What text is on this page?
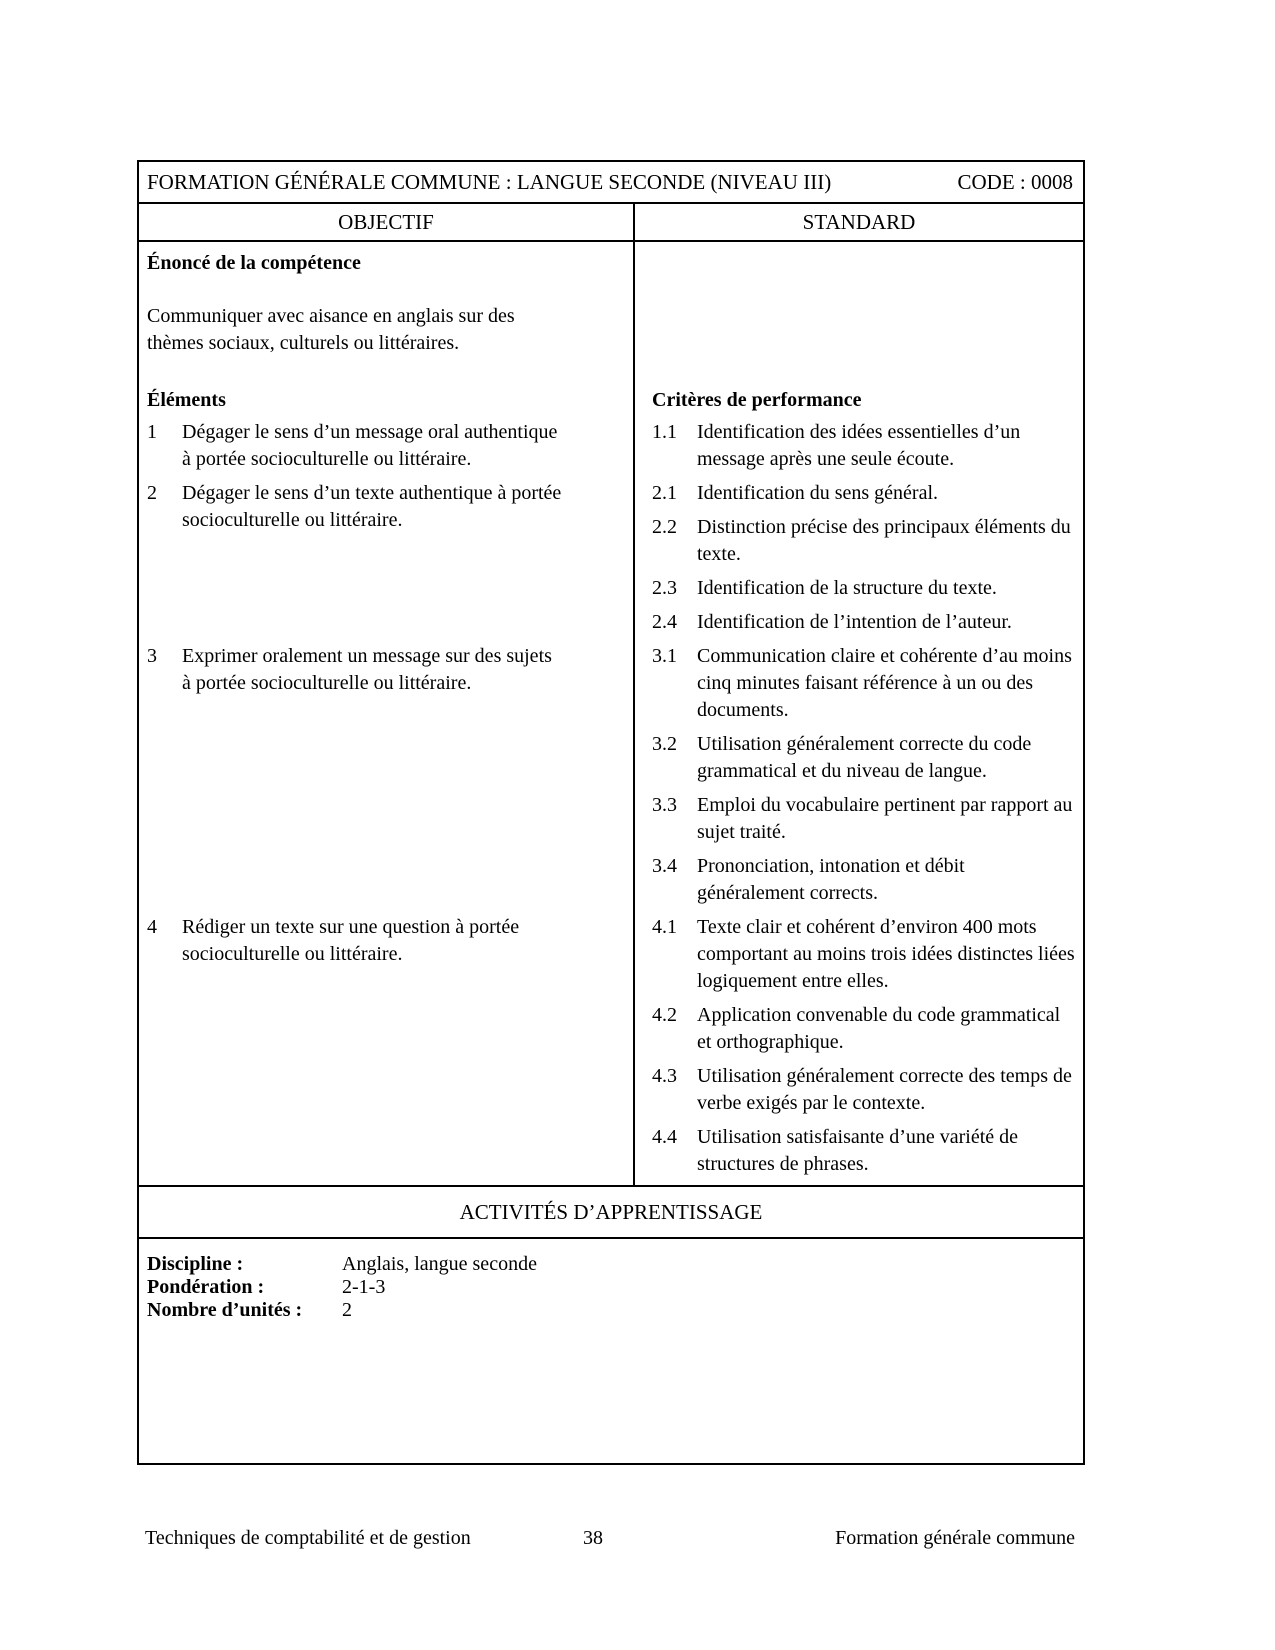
FORMATION GÉNÉRALE COMMUNE : LANGUE SECONDE (NIVEAU III)	CODE : 0008
OBJECTIF	STANDARD
Énoncé de la compétence

Communiquer avec aisance en anglais sur des thèmes sociaux, culturels ou littéraires.

Éléments	Critères de performance
1	Dégager le sens d’un message oral authentique à portée socioculturelle ou littéraire.
1.1	Identification des idées essentielles d’un message après une seule écoute.
2	Dégager le sens d’un texte authentique à portée socioculturelle ou littéraire.
2.1	Identification du sens général.
2.2	Distinction précise des principaux éléments du texte.
2.3	Identification de la structure du texte.
2.4	Identification de l’intention de l’auteur.
3	Exprimer oralement un message sur des sujets à portée socioculturelle ou littéraire.
3.1	Communication claire et cohérente d’au moins cinq minutes faisant référence à un ou des documents.
3.2	Utilisation généralement correcte du code grammatical et du niveau de langue.
3.3	Emploi du vocabulaire pertinent par rapport au sujet traité.
3.4	Prononciation, intonation et débit généralement corrects.
4	Rédiger un texte sur une question à portée socioculturelle ou littéraire.
4.1	Texte clair et cohérent d’environ 400 mots comportant au moins trois idées distinctes liées logiquement entre elles.
4.2	Application convenable du code grammatical et orthographique.
4.3	Utilisation généralement correcte des temps de verbe exigés par le contexte.
4.4	Utilisation satisfaisante d’une variété de structures de phrases.
ACTIVITÉS D’APPRENTISSAGE
Discipline :	Anglais, langue seconde
Pondération :	2-1-3
Nombre d’unités :	2
Techniques de comptabilité et de gestion	38	Formation générale commune
